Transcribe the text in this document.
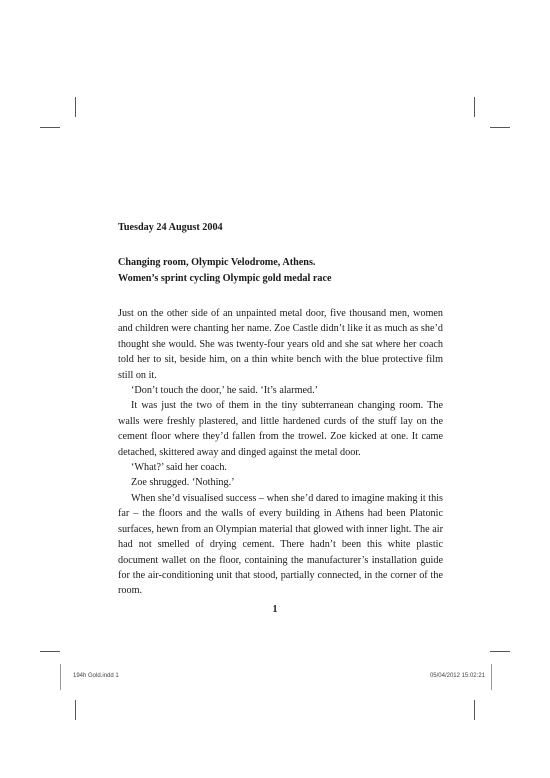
Tuesday 24 August 2004

Changing room, Olympic Velodrome, Athens.
Women’s sprint cycling Olympic gold medal race

Just on the other side of an unpainted metal door, five thousand men, women and children were chanting her name. Zoe Castle didn’t like it as much as she’d thought she would. She was twenty-four years old and she sat where her coach told her to sit, beside him, on a thin white bench with the blue protective film still on it.

‘Don’t touch the door,’ he said. ‘It’s alarmed.’

It was just the two of them in the tiny subterranean changing room. The walls were freshly plastered, and little hardened curds of the stuff lay on the cement floor where they’d fallen from the trowel. Zoe kicked at one. It came detached, skittered away and dinged against the metal door.

‘What?’ said her coach.

Zoe shrugged. ‘Nothing.’

When she’d visualised success – when she’d dared to imagine making it this far – the floors and the walls of every building in Athens had been Platonic surfaces, hewn from an Olympian material that glowed with inner light. The air had not smelled of drying cement. There hadn’t been this white plastic document wallet on the floor, containing the manufacturer’s installation guide for the air-conditioning unit that stood, partially connected, in the corner of the room.

1
194h Gold.indd 1	05/04/2012 15:02:21
